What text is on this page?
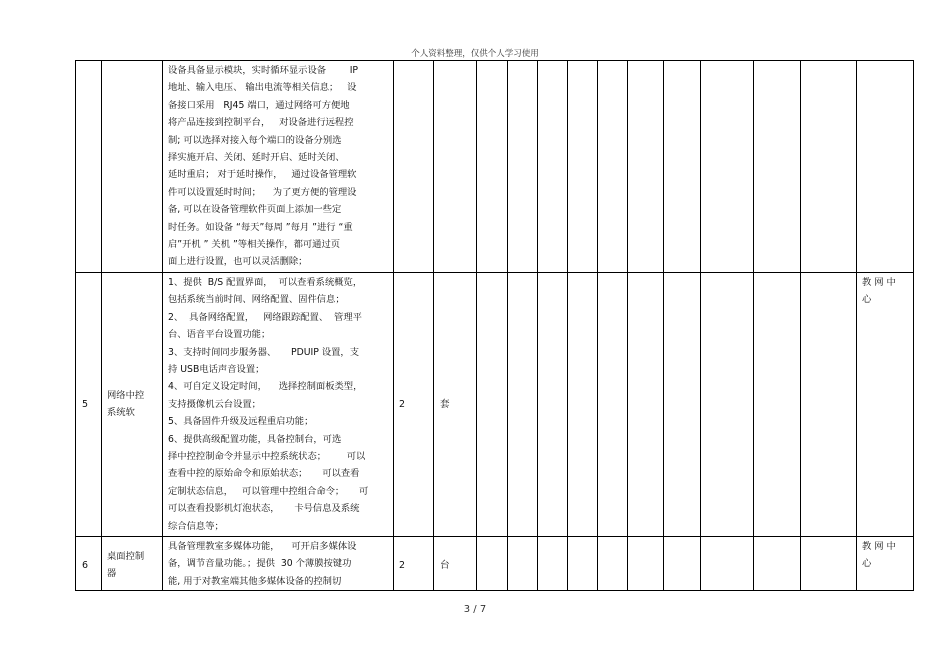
个人资料整理，仅供个人学习使用
设备具备显示模块，实时循环显示设备        IP
地址、输入电压、 输出电流等相关信息；   设
备接口采用   RJ45 端口，通过网络可方便地
将产品连接到控制平台，   对设备进行远程控
制; 可以选择对接入每个端口的设备分别选
择实施开启、关闭、延时开启、延时关闭、
延时重启； 对于延时操作，   通过设备管理软
件可以设置延时时间；    为了更方便的管理设
备, 可以在设备管理软件页面上添加一些定
时任务。如设备 “每天”每周 ”每月 ”进行 “重
启”开机 ” 关机 ”等相关操作，都可通过页
面上进行设置，也可以灵活删除；
5
网络中控
系统软
1、提供  B/S 配置界面，  可以查看系统概览，
包括系统当前时间、网络配置、固件信息；
2、  具备网络配置，   网络跟踪配置、  管理平
台、语音平台设置功能；
3、支持时间同步服务器、     PDUIP 设置，支
持 USB电话声音设置；
4、可自定义设定时间，    选择控制面板类型，
支持摄像机云台设置；
5、具备固件升级及远程重启功能；
6、提供高级配置功能，具备控制台，可选
择中控控制命令并显示中控系统状态；       可以
查看中控的原始命令和原始状态；     可以查看
定制状态信息，   可以管理中控组合命令；     可
可以查看投影机灯泡状态，     卡号信息及系统
综合信息等；
2	套
教 网 中
心
6
桌面控制
器
具备管理教室多媒体功能，    可开启多媒体设
备，调节音量功能。；提供  30 个薄膜按键功
能, 用于对教室端其他多媒体设备的控制切
2	台
教 网 中
心
3 / 7
